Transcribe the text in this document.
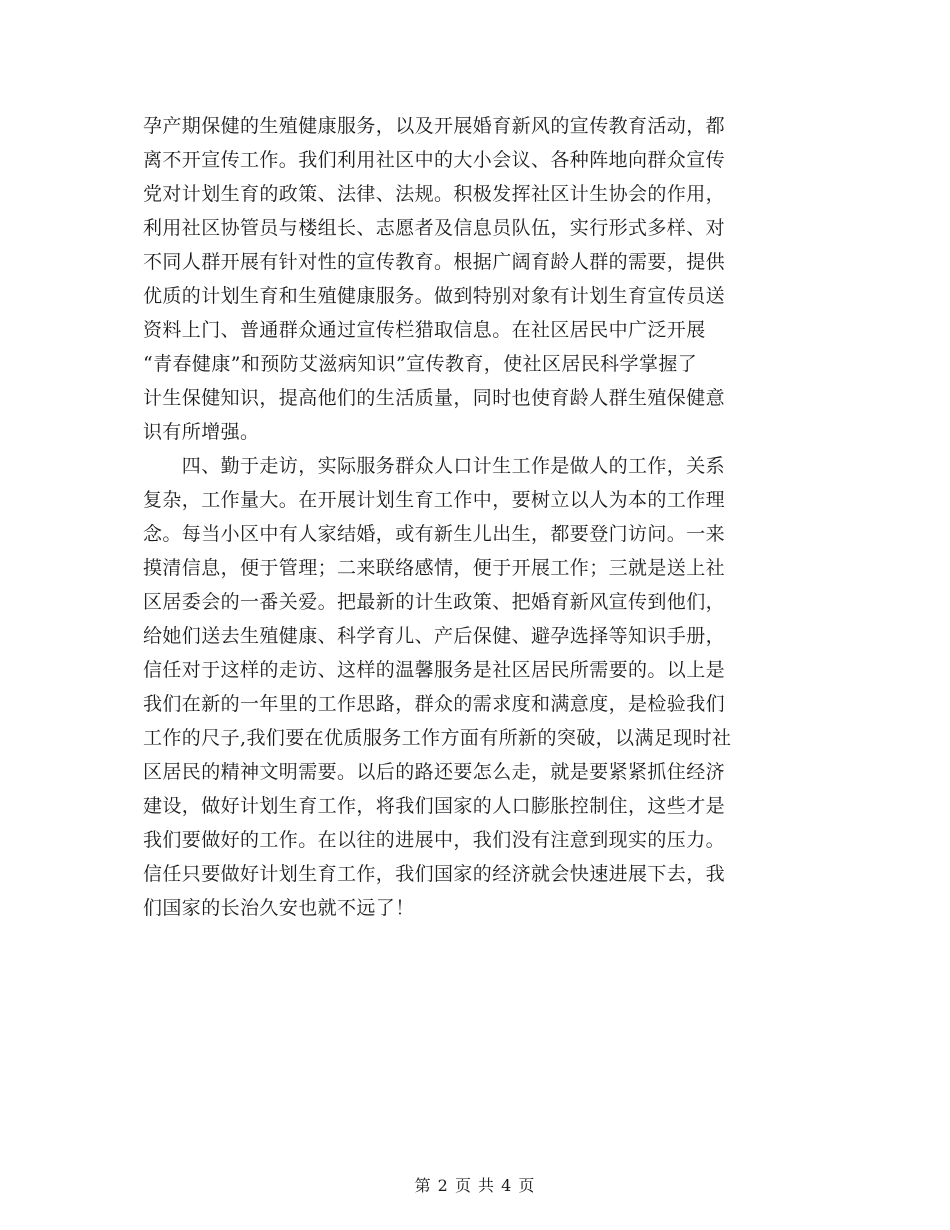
孕产期保健的生殖健康服务，以及开展婚育新风的宣传教育活动，都
离不开宣传工作。我们利用社区中的大小会议、各种阵地向群众宣传
党对计划生育的政策、法律、法规。积极发挥社区计生协会的作用，
利用社区协管员与楼组长、志愿者及信息员队伍，实行形式多样、对
不同人群开展有针对性的宣传教育。根据广阔育龄人群的需要，提供
优质的计划生育和生殖健康服务。做到特别对象有计划生育宣传员送
资料上门、普通群众通过宣传栏猎取信息。在社区居民中广泛开展
“青春健康”和预防艾滋病知识”宣传教育，使社区居民科学掌握了
计生保健知识，提高他们的生活质量，同时也使育龄人群生殖保健意
识有所增强。
　　四、勤于走访，实际服务群众人口计生工作是做人的工作，关系
复杂，工作量大。在开展计划生育工作中，要树立以人为本的工作理
念。每当小区中有人家结婚，或有新生儿出生，都要登门访问。一来
摸清信息，便于管理；二来联络感情，便于开展工作；三就是送上社
区居委会的一番关爱。把最新的计生政策、把婚育新风宣传到他们，
给她们送去生殖健康、科学育儿、产后保健、避孕选择等知识手册，
信任对于这样的走访、这样的温馨服务是社区居民所需要的。以上是
我们在新的一年里的工作思路，群众的需求度和满意度，是检验我们
工作的尺子,我们要在优质服务工作方面有所新的突破，以满足现时社
区居民的精神文明需要。以后的路还要怎么走，就是要紧紧抓住经济
建设，做好计划生育工作，将我们国家的人口膨胀控制住，这些才是
我们要做好的工作。在以往的进展中，我们没有注意到现实的压力。
信任只要做好计划生育工作，我们国家的经济就会快速进展下去，我
们国家的长治久安也就不远了！
第 2 页 共 4 页
